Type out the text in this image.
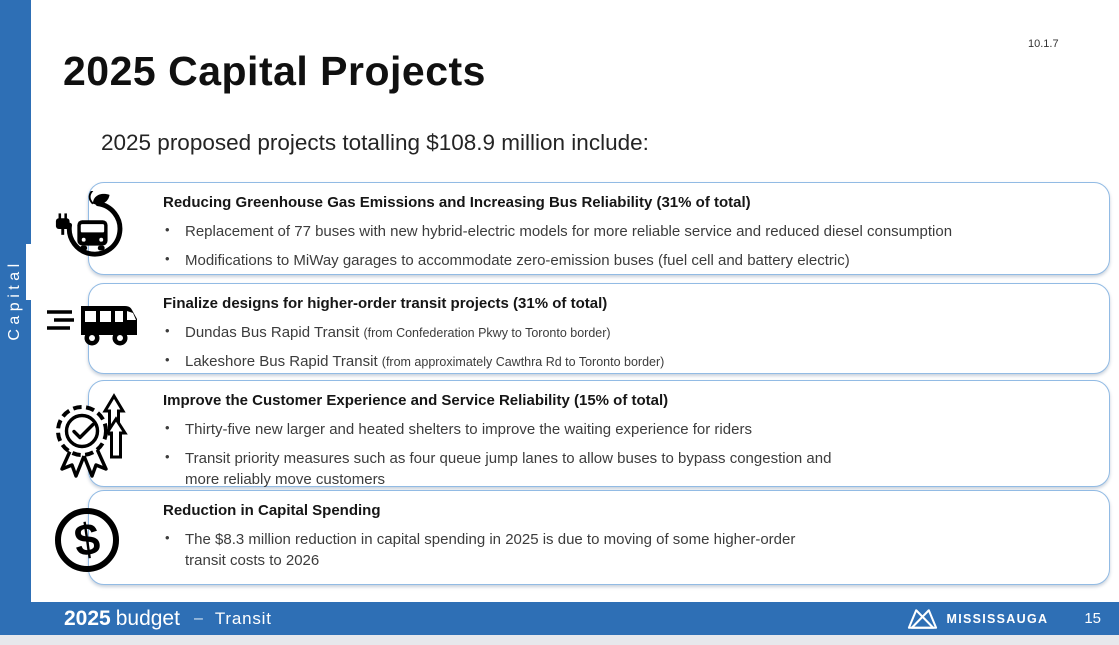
Capital
10.1.7
2025 Capital Projects
2025 proposed projects totalling $108.9 million include:
Reducing Greenhouse Gas Emissions and Increasing Bus Reliability (31% of total)
• Replacement of 77 buses with new hybrid-electric models for more reliable service and reduced diesel consumption
• Modifications to MiWay garages to accommodate zero-emission buses (fuel cell and battery electric)
Finalize designs for higher-order transit projects (31% of total)
• Dundas Bus Rapid Transit (from Confederation Pkwy to Toronto border)
• Lakeshore Bus Rapid Transit (from approximately Cawthra Rd to Toronto border)
Improve the Customer Experience and Service Reliability (15% of total)
• Thirty-five new larger and heated shelters to improve the waiting experience for riders
• Transit priority measures such as four queue jump lanes to allow buses to bypass congestion and more reliably move customers
Reduction in Capital Spending
• The $8.3 million reduction in capital spending in 2025 is due to moving of some higher-order transit costs to 2026
$
2025 budget – Transit	MISSISSAUGA 15
